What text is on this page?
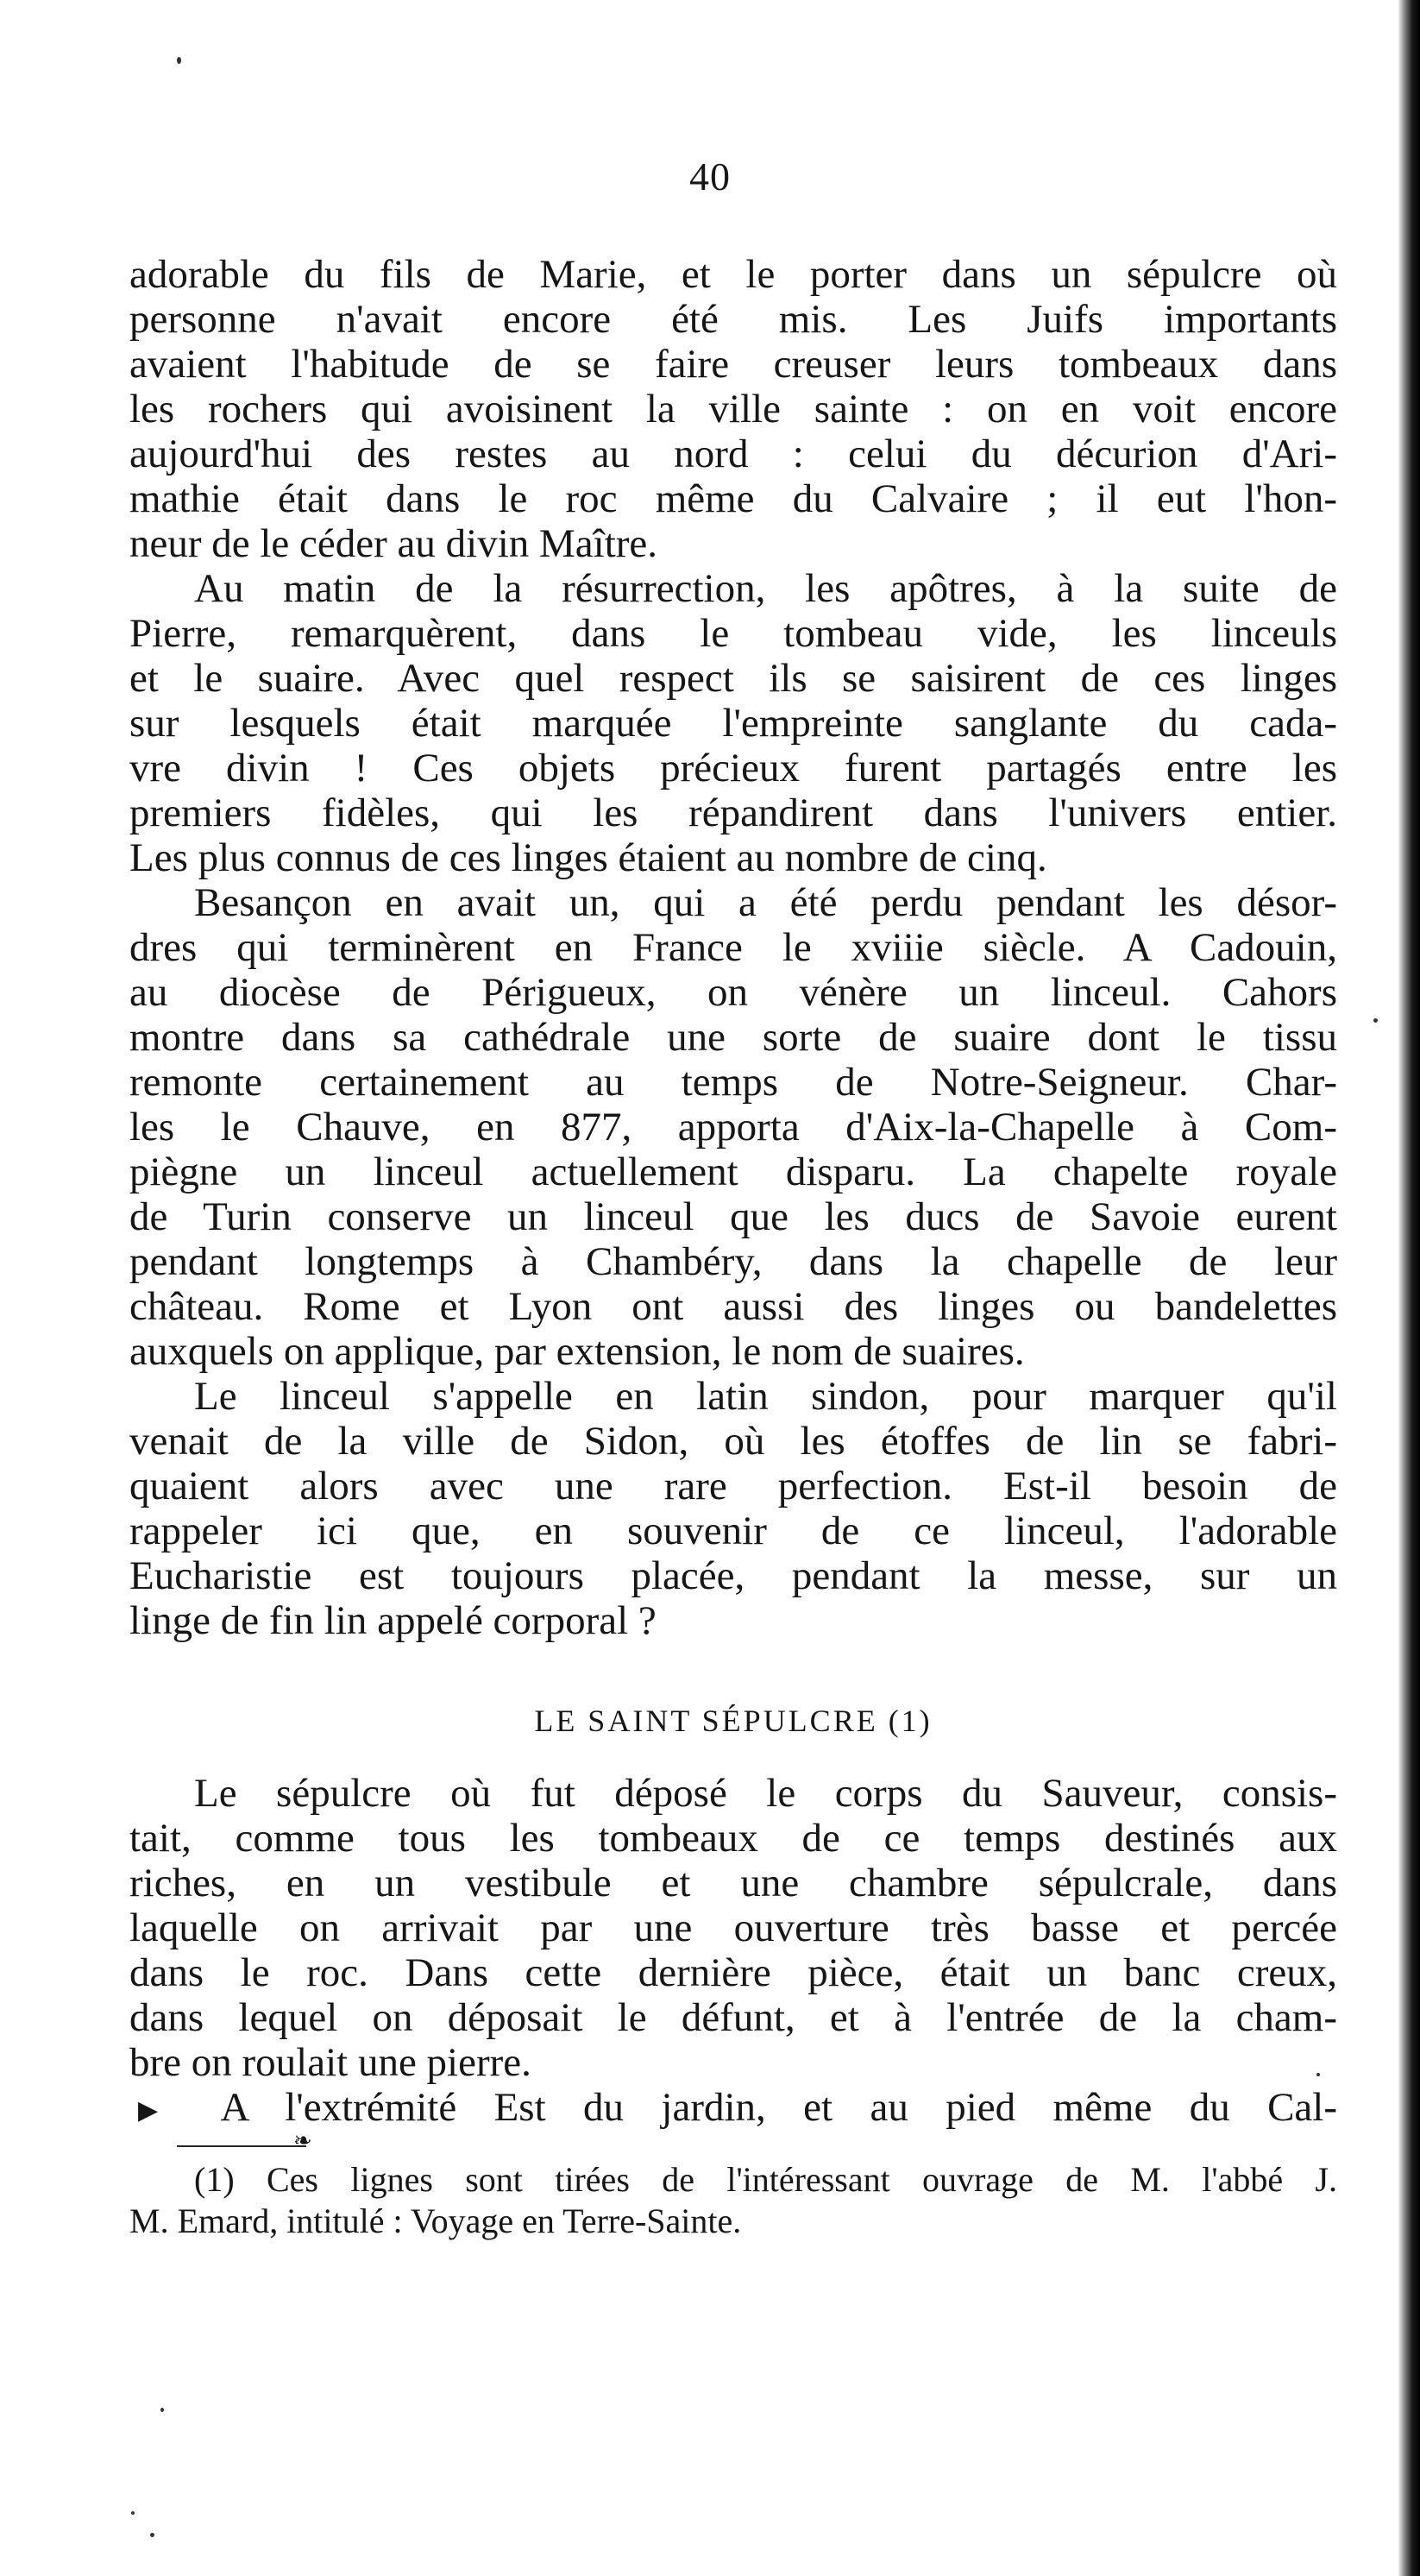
40
adorable du fils de Marie, et le porter dans un sépulcre où
personne n'avait encore été mis. Les Juifs importants
avaient l'habitude de se faire creuser leurs tombeaux dans
les rochers qui avoisinent la ville sainte : on en voit encore
aujourd'hui des restes au nord : celui du décurion d'Ari-
mathie était dans le roc même du Calvaire ; il eut l'hon-
neur de le céder au divin Maître.
Au matin de la résurrection, les apôtres, à la suite de
Pierre, remarquèrent, dans le tombeau vide, les linceuls
et le suaire. Avec quel respect ils se saisirent de ces linges
sur lesquels était marquée l'empreinte sanglante du cada-
vre divin ! Ces objets précieux furent partagés entre les
premiers fidèles, qui les répandirent dans l'univers entier.
Les plus connus de ces linges étaient au nombre de cinq.
Besançon en avait un, qui a été perdu pendant les désor-
dres qui terminèrent en France le xviiie siècle. A Cadouin,
au diocèse de Périgueux, on vénère un linceul. Cahors
montre dans sa cathédrale une sorte de suaire dont le tissu
remonte certainement au temps de Notre-Seigneur. Char-
les le Chauve, en 877, apporta d'Aix-la-Chapelle à Com-
piègne un linceul actuellement disparu. La chapelte royale
de Turin conserve un linceul que les ducs de Savoie eurent
pendant longtemps à Chambéry, dans la chapelle de leur
château. Rome et Lyon ont aussi des linges ou bandelettes
auxquels on applique, par extension, le nom de suaires.
Le linceul s'appelle en latin sindon, pour marquer qu'il
venait de la ville de Sidon, où les étoffes de lin se fabri-
quaient alors avec une rare perfection. Est-il besoin de
rappeler ici que, en souvenir de ce linceul, l'adorable
Eucharistie est toujours placée, pendant la messe, sur un
linge de fin lin appelé corporal ?
LE SAINT SÉPULCRE (1)
Le sépulcre où fut déposé le corps du Sauveur, consis-
tait, comme tous les tombeaux de ce temps destinés aux
riches, en un vestibule et une chambre sépulcrale, dans
laquelle on arrivait par une ouverture très basse et percée
dans le roc. Dans cette dernière pièce, était un banc creux,
dans lequel on déposait le défunt, et à l'entrée de la cham-
bre on roulait une pierre.
▶ A l'extrémité Est du jardin, et au pied même du Cal-
❧
(1) Ces lignes sont tirées de l'intéressant ouvrage de M. l'abbé J.
M. Emard, intitulé : Voyage en Terre-Sainte.
